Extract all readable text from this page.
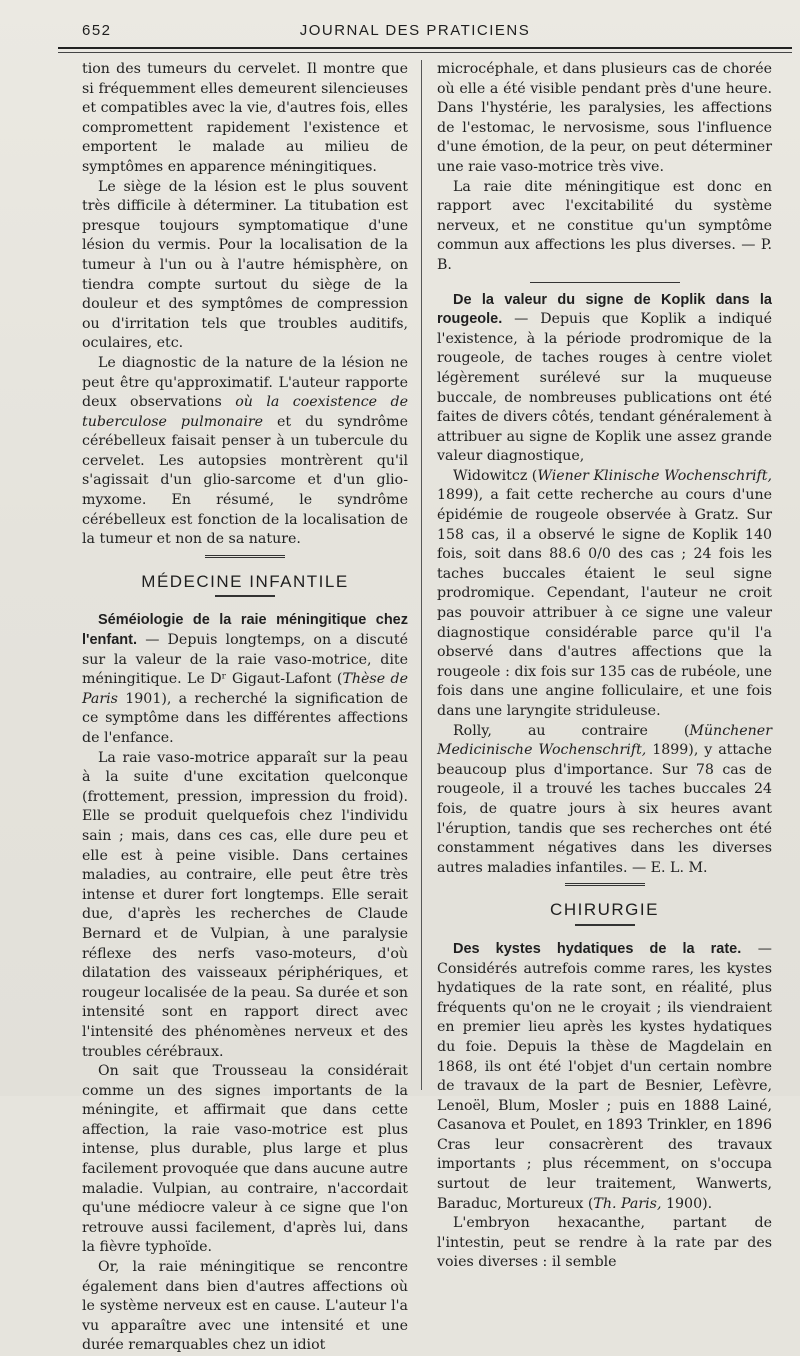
652	JOURNAL DES PRATICIENS

tion des tumeurs du cervelet. Il montre que si fréquemment elles demeurent silencieuses et compatibles avec la vie, d'autres fois, elles compromettent rapidement l'existence et emportent le malade au milieu de symptômes en apparence méningitiques.

Le siège de la lésion est le plus souvent très difficile à déterminer. La titubation est presque toujours symptomatique d'une lésion du vermis. Pour la localisation de la tumeur à l'un ou à l'autre hémisphère, on tiendra compte surtout du siège de la douleur et des symptômes de compression ou d'irritation tels que troubles auditifs, oculaires, etc.

Le diagnostic de la nature de la lésion ne peut être qu'approximatif. L'auteur rapporte deux observations où la coexistence de tuberculose pulmonaire et du syndrôme cérébelleux faisait penser à un tubercule du cervelet. Les autopsies montrèrent qu'il s'agissait d'un glio-sarcome et d'un glio-myxome. En résumé, le syndrôme cérébelleux est fonction de la localisation de la tumeur et non de sa nature.

MÉDECINE INFANTILE

Séméiologie de la raie méningitique chez l'enfant. — Depuis longtemps, on a discuté sur la valeur de la raie vaso-motrice, dite méningitique. Le Dʳ Gigaut-Lafont (Thèse de Paris 1901), a recherché la signification de ce symptôme dans les différentes affections de l'enfance.

La raie vaso-motrice apparaît sur la peau à la suite d'une excitation quelconque (frottement, pression, impression du froid). Elle se produit quelquefois chez l'individu sain ; mais, dans ces cas, elle dure peu et elle est à peine visible. Dans certaines maladies, au contraire, elle peut être très intense et durer fort longtemps. Elle serait due, d'après les recherches de Claude Bernard et de Vulpian, à une paralysie réflexe des nerfs vaso-moteurs, d'où dilatation des vaisseaux périphériques, et rougeur localisée de la peau. Sa durée et son intensité sont en rapport direct avec l'intensité des phénomènes nerveux et des troubles cérébraux.

On sait que Trousseau la considérait comme un des signes importants de la méningite, et affirmait que dans cette affection, la raie vaso-motrice est plus intense, plus durable, plus large et plus facilement provoquée que dans aucune autre maladie. Vulpian, au contraire, n'accordait qu'une médiocre valeur à ce signe que l'on retrouve aussi facilement, d'après lui, dans la fièvre typhoïde.

Or, la raie méningitique se rencontre également dans bien d'autres affections où le système nerveux est en cause. L'auteur l'a vu apparaître avec une intensité et une durée remarquables chez un idiot

microcéphale, et dans plusieurs cas de chorée où elle a été visible pendant près d'une heure. Dans l'hystérie, les paralysies, les affections de l'estomac, le nervosisme, sous l'influence d'une émotion, de la peur, on peut déterminer une raie vaso-motrice très vive.

La raie dite méningitique est donc en rapport avec l'excitabilité du système nerveux, et ne constitue qu'un symptôme commun aux affections les plus diverses. — P. B.

De la valeur du signe de Koplik dans la rougeole. — Depuis que Koplik a indiqué l'existence, à la période prodromique de la rougeole, de taches rouges à centre violet légèrement surélevé sur la muqueuse buccale, de nombreuses publications ont été faites de divers côtés, tendant généralement à attribuer au signe de Koplik une assez grande valeur diagnostique,

Widowitcz (Wiener Klinische Wochenschrift, 1899), a fait cette recherche au cours d'une épidémie de rougeole observée à Gratz. Sur 158 cas, il a observé le signe de Koplik 140 fois, soit dans 88.6 0/0 des cas ; 24 fois les taches buccales étaient le seul signe prodromique. Cependant, l'auteur ne croit pas pouvoir attribuer à ce signe une valeur diagnostique considérable parce qu'il l'a observé dans d'autres affections que la rougeole : dix fois sur 135 cas de rubéole, une fois dans une angine folliculaire, et une fois dans une laryngite striduleuse.

Rolly, au contraire (Münchener Medicinische Wochenschrift, 1899), y attache beaucoup plus d'importance. Sur 78 cas de rougeole, il a trouvé les taches buccales 24 fois, de quatre jours à six heures avant l'éruption, tandis que ses recherches ont été constamment négatives dans les diverses autres maladies infantiles. — E. L. M.

CHIRURGIE

Des kystes hydatiques de la rate. — Considérés autrefois comme rares, les kystes hydatiques de la rate sont, en réalité, plus fréquents qu'on ne le croyait ; ils viendraient en premier lieu après les kystes hydatiques du foie. Depuis la thèse de Magdelain en 1868, ils ont été l'objet d'un certain nombre de travaux de la part de Besnier, Lefèvre, Lenoël, Blum, Mosler ; puis en 1888 Lainé, Casanova et Poulet, en 1893 Trinkler, en 1896 Cras leur consacrèrent des travaux importants ; plus récemment, on s'occupa surtout de leur traitement, Wanwerts, Baraduc, Mortureux (Th. Paris, 1900).

L'embryon hexacanthe, partant de l'intestin, peut se rendre à la rate par des voies diverses : il semble
